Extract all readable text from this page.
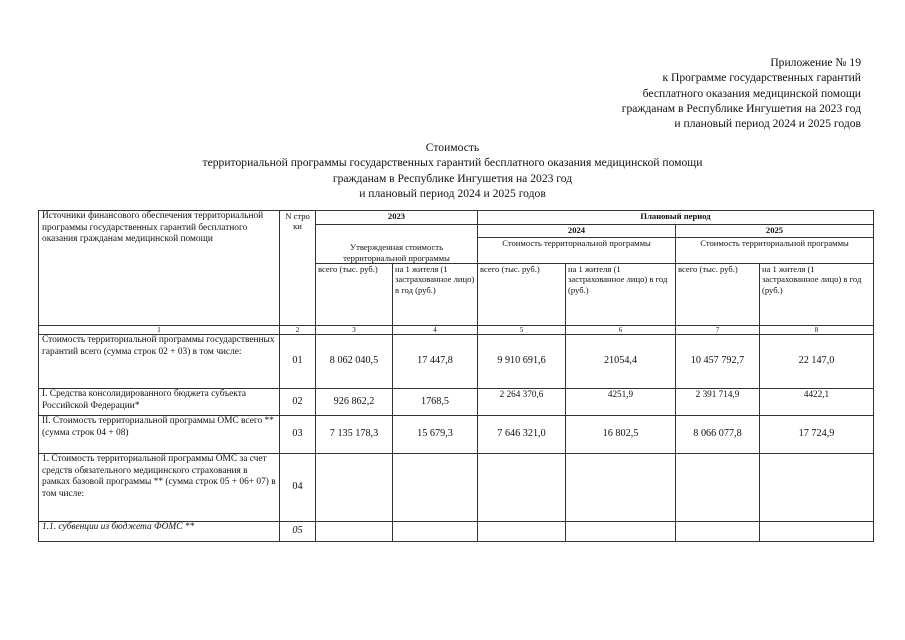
Приложение № 19
к Программе государственных гарантий
бесплатного оказания медицинской помощи
гражданам в Республике Ингушетия на 2023 год
и плановый период 2024 и 2025 годов
Стоимость
территориальной программы государственных гарантий бесплатного оказания медицинской помощи
гражданам в Республике Ингушетия на 2023 год
и плановый период 2024 и 2025 годов
Источники финансового обеспечения территориальной программы государственных гарантий бесплатного оказания гражданам медицинской помощи	N стро ки	2023		Плановый период			
		Утвержденная стоимость территориальной программы		2024		2025	
				Стоимость территориальной программы		Стоимость территориальной программы	
		всего (тыс. руб.)	на 1 жителя (1 застрахованное лицо) в год (руб.)	всего (тыс. руб.)	на 1 жителя (1 застрахованное лицо) в год (руб.)	всего (тыс. руб.)	на 1 жителя (1 застрахованное лицо) в год (руб.)
1	2	3	4	5	6	7	8
Стоимость территориальной программы государственных гарантий всего (сумма строк 02 + 03) в том числе:	01	8 062 040,5	17 447,8	9 910 691,6	21054,4	10 457 792,7	22 147,0
I. Средства консолидированного бюджета субъекта Российской Федерации*	02	926 862,2	1768,5	2 264 370,6	4251,9	2 391 714,9	4422,1
II. Стоимость территориальной программы ОМС всего ** (сумма строк 04 + 08)	03	7 135 178,3	15 679,3	7 646 321,0	16 802,5	8 066 077,8	17 724,9
1. Стоимость территориальной программы ОМС за счет средств обязательного медицинского страхования в рамках базовой программы ** (сумма строк 05 + 06+ 07) в том числе:	04						
1.1. субвенции из бюджета ФОМС **	05						
